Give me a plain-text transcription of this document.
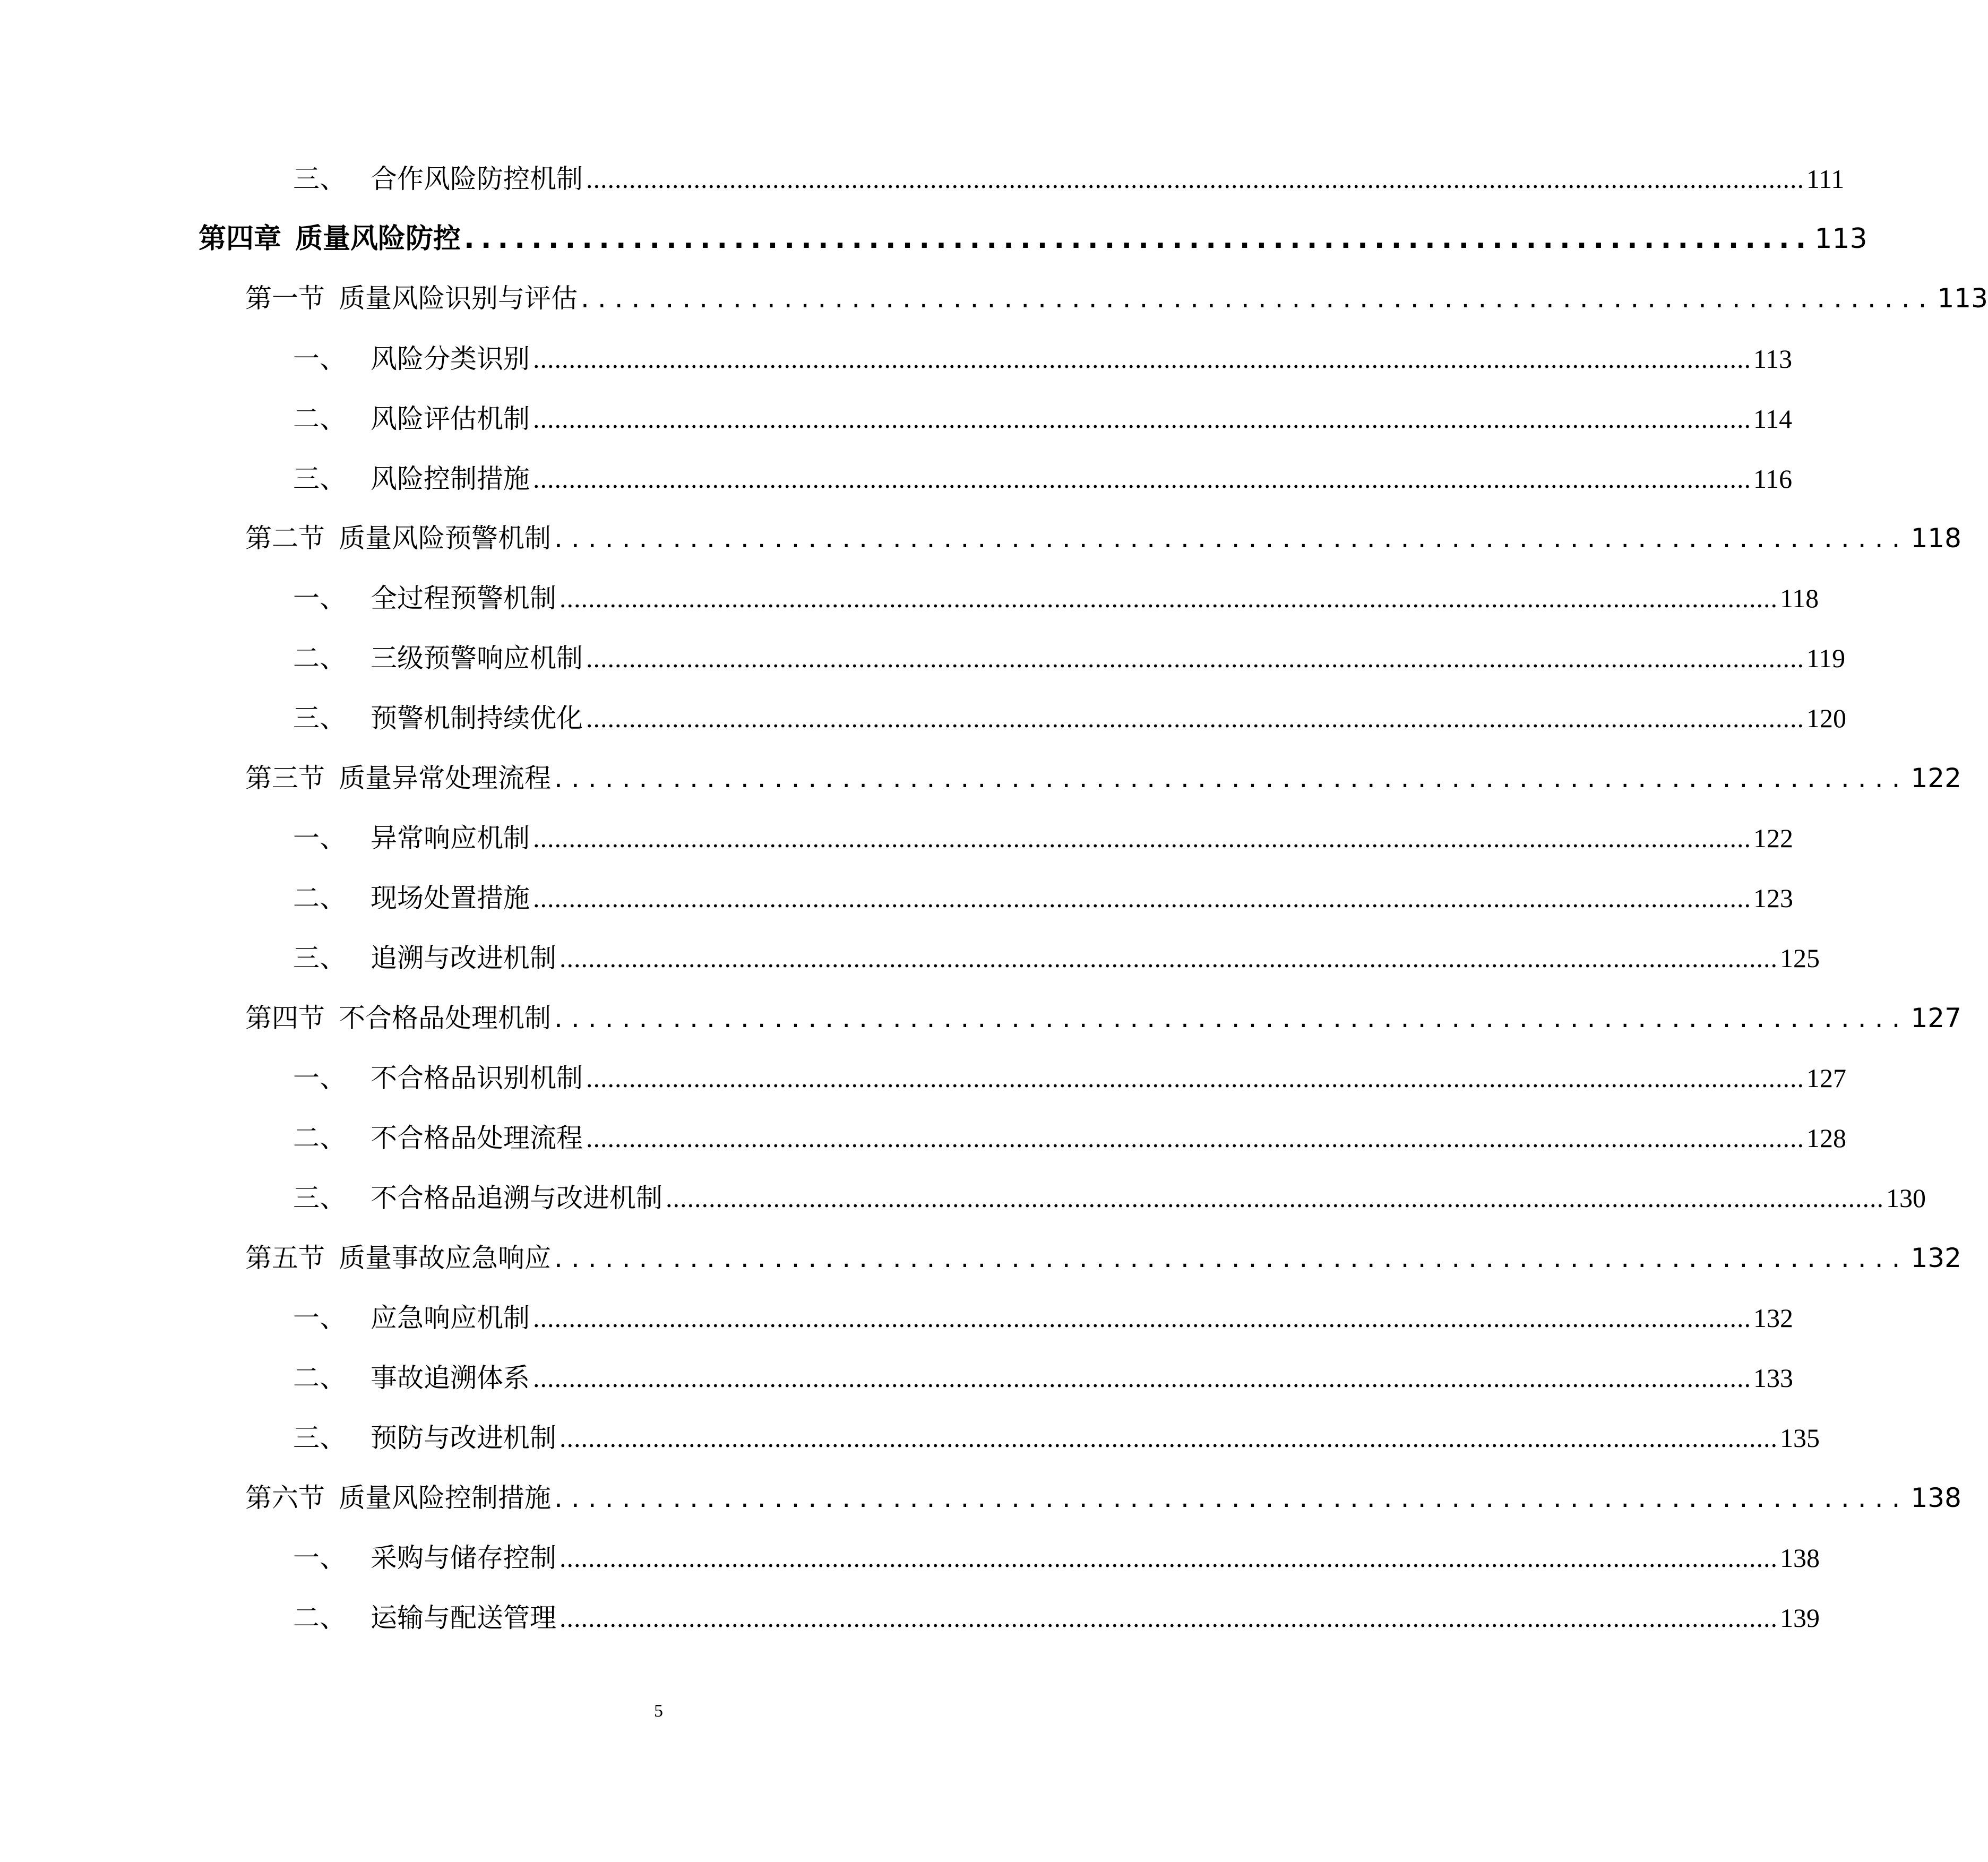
三、 合作风险防控机制 .......................................................................................................................................................................... 111
第四章 质量风险防控 ................................................................................ 113
第一节 质量风险识别与评估 ................................................................................ 113
一、 风险分类识别 .......................................................................................................................................................................... 113
二、 风险评估机制 .......................................................................................................................................................................... 114
三、 风险控制措施 .......................................................................................................................................................................... 116
第二节 质量风险预警机制 ................................................................................ 118
一、 全过程预警机制 .......................................................................................................................................................................... 118
二、 三级预警响应机制 .......................................................................................................................................................................... 119
三、 预警机制持续优化 .......................................................................................................................................................................... 120
第三节 质量异常处理流程 ................................................................................ 122
一、 异常响应机制 .......................................................................................................................................................................... 122
二、 现场处置措施 .......................................................................................................................................................................... 123
三、 追溯与改进机制 .......................................................................................................................................................................... 125
第四节 不合格品处理机制 ................................................................................ 127
一、 不合格品识别机制 .......................................................................................................................................................................... 127
二、 不合格品处理流程 .......................................................................................................................................................................... 128
三、 不合格品追溯与改进机制 .......................................................................................................................................................................... 130
第五节 质量事故应急响应 ................................................................................ 132
一、 应急响应机制 .......................................................................................................................................................................... 132
二、 事故追溯体系 .......................................................................................................................................................................... 133
三、 预防与改进机制 .......................................................................................................................................................................... 135
第六节 质量风险控制措施 ................................................................................ 138
一、 采购与储存控制 .......................................................................................................................................................................... 138
二、 运输与配送管理 .......................................................................................................................................................................... 139
5
